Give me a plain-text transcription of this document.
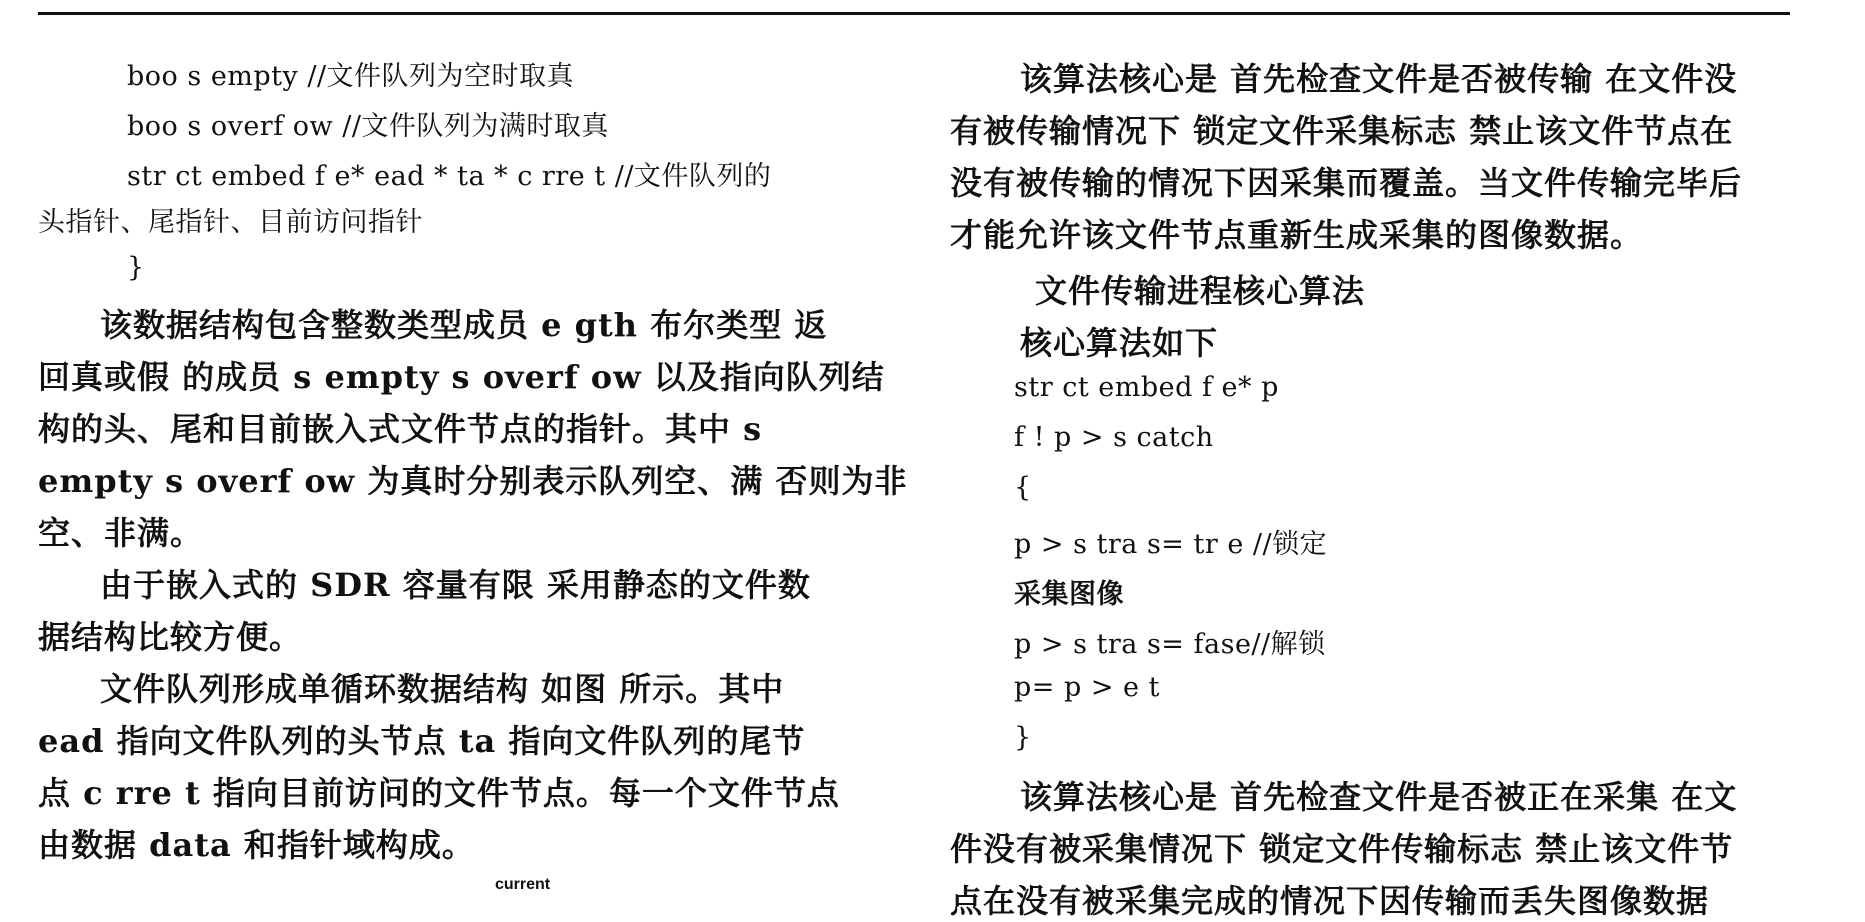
boo s empty //文件队列为空时取真
boo s overf ow //文件队列为满时取真
str ct embed f e* ead * ta * c rre t //文件队列的
头指针、尾指针、目前访问指针
}
该数据结构包含整数类型成员 e gth 布尔类型 返
回真或假 的成员 s empty s overf ow 以及指向队列结
构的头、尾和目前嵌入式文件节点的指针。其中 s
empty s overf ow 为真时分别表示队列空、满 否则为非
空、非满。
由于嵌入式的 SDR 容量有限 采用静态的文件数
据结构比较方便。
文件队列形成单循环数据结构 如图 所示。其中
ead 指向文件队列的头节点 ta 指向文件队列的尾节
点 c rre t 指向目前访问的文件节点。每一个文件节点
由数据 data 和指针域构成。
current
该算法核心是 首先检查文件是否被传输 在文件没
有被传输情况下 锁定文件采集标志 禁止该文件节点在
没有被传输的情况下因采集而覆盖。当文件传输完毕后
才能允许该文件节点重新生成采集的图像数据。
文件传输进程核心算法
核心算法如下
str ct embed f e* p
f ! p > s catch
{
p > s tra s= tr e //锁定
采集图像
p > s tra s= fase//解锁
p= p > e t
}
该算法核心是 首先检查文件是否被正在采集 在文
件没有被采集情况下 锁定文件传输标志 禁止该文件节
点在没有被采集完成的情况下因传输而丢失图像数据
